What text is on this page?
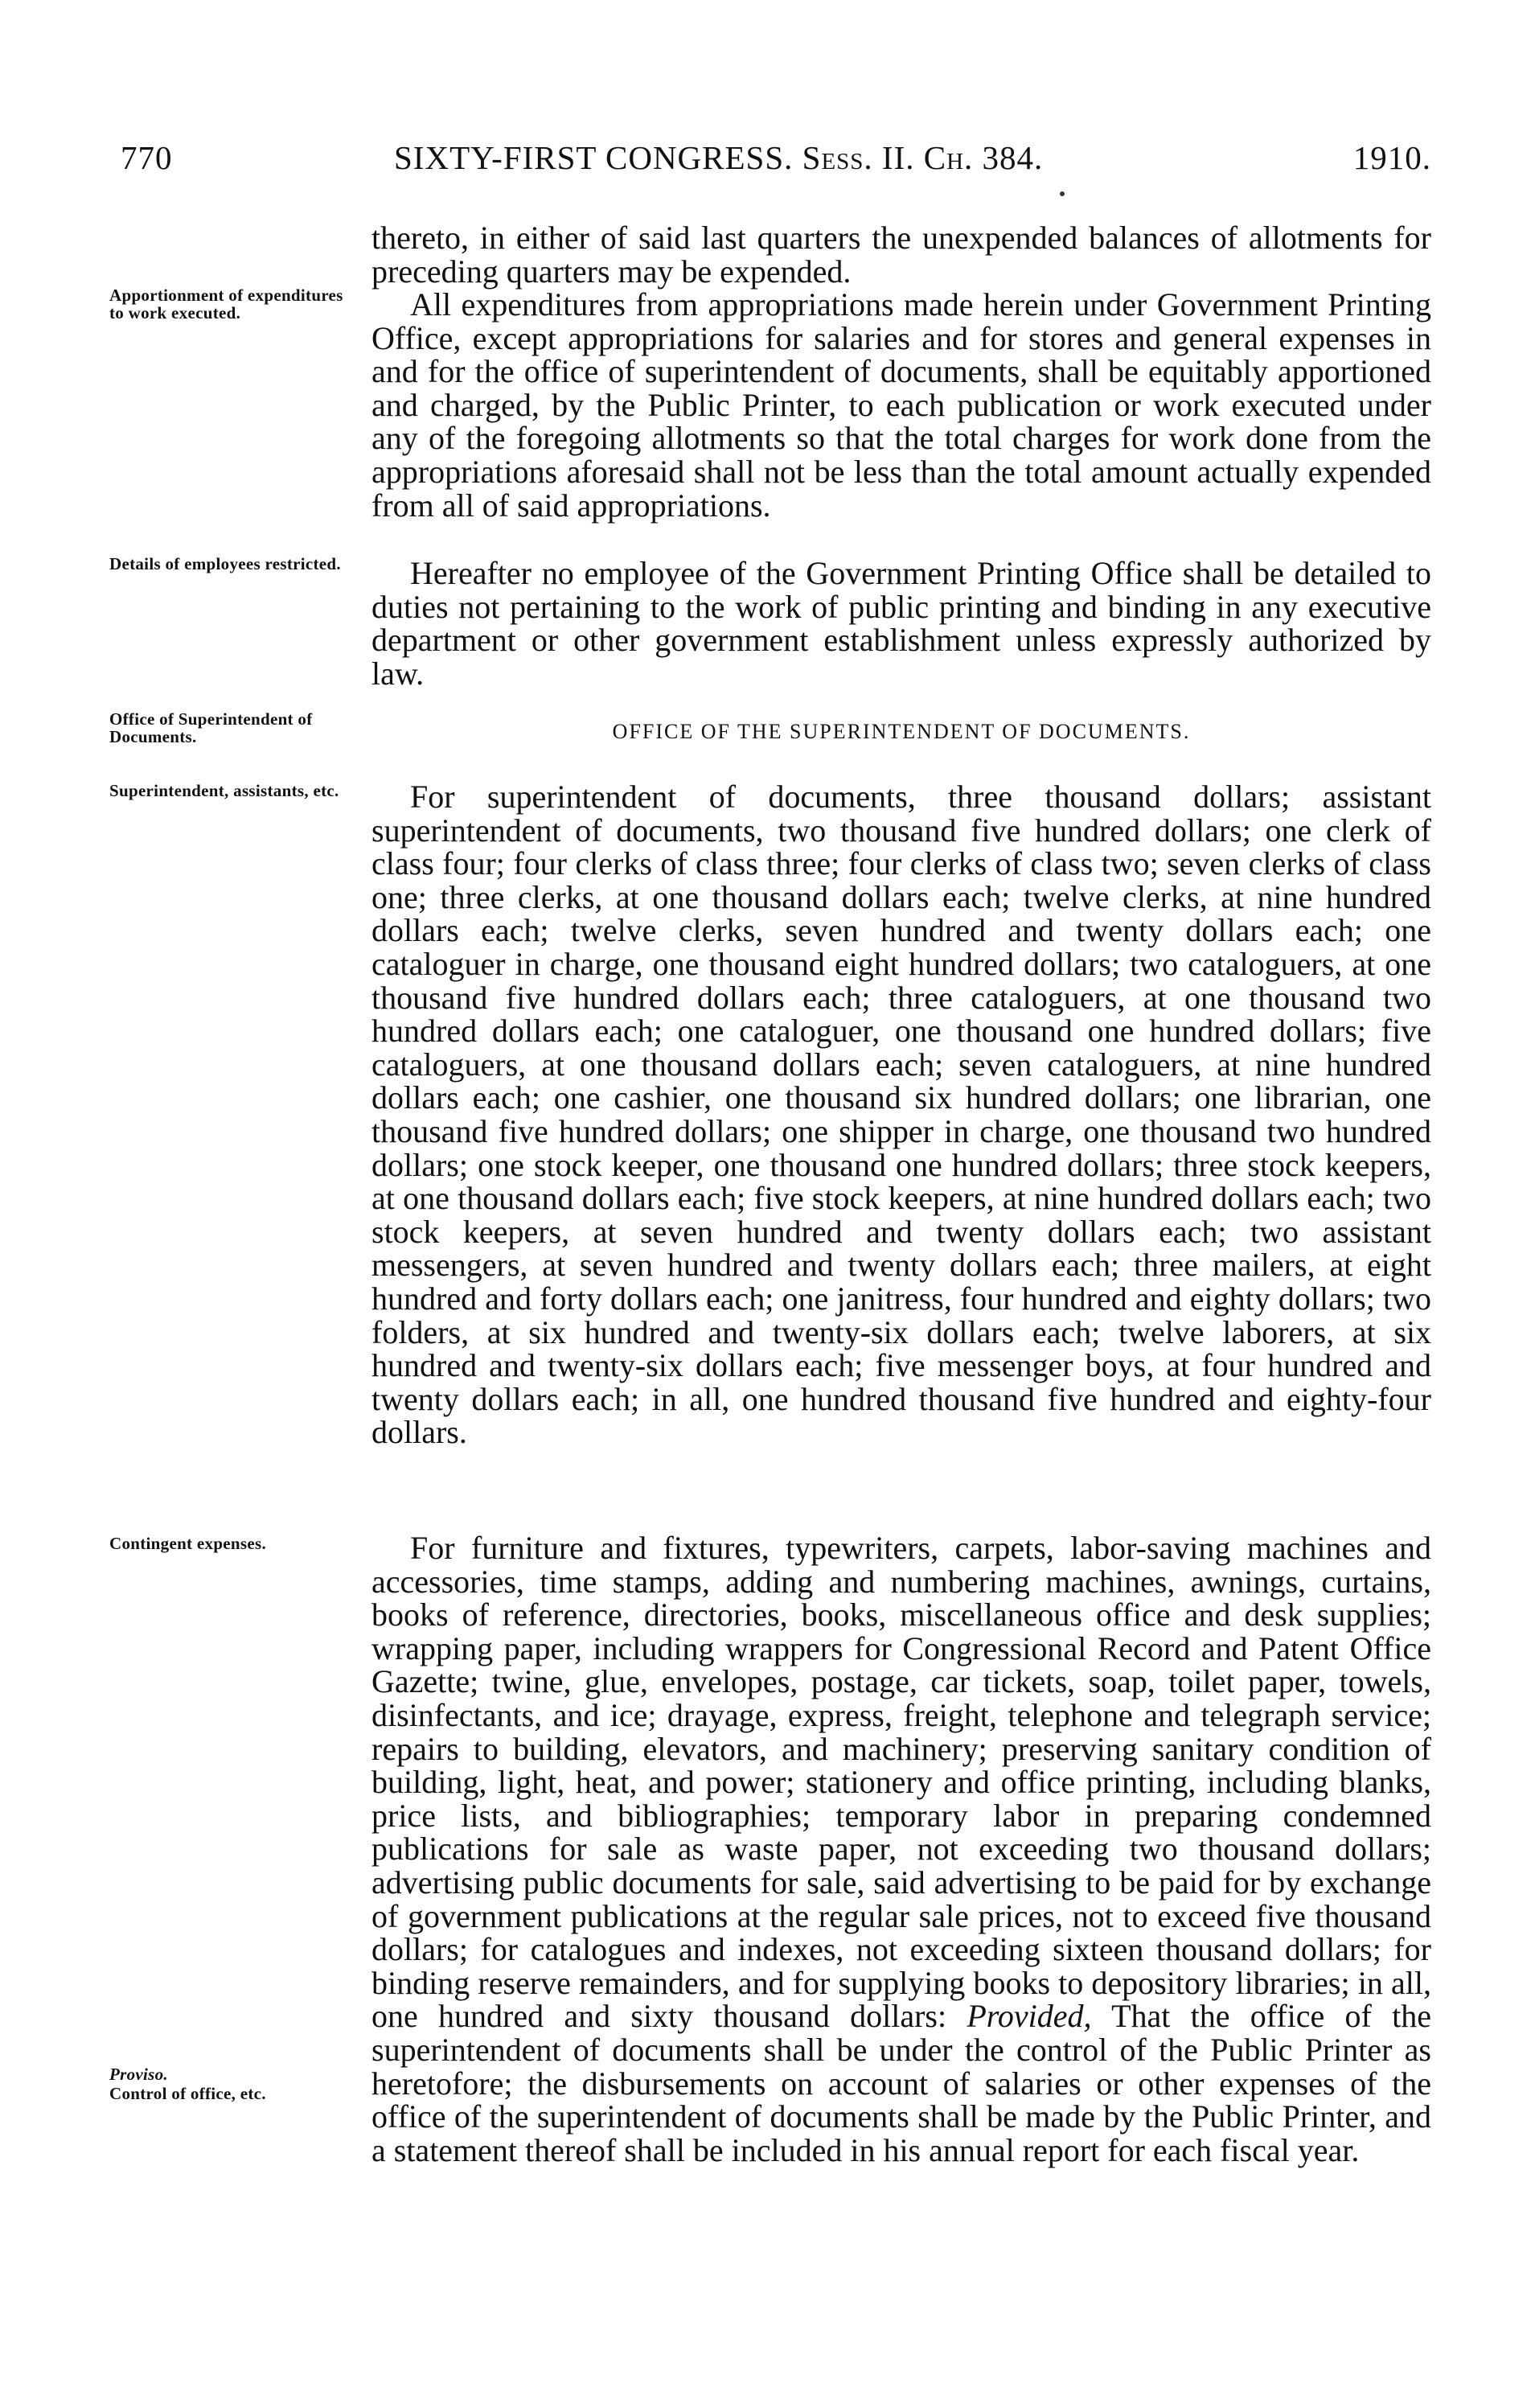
770	SIXTY-FIRST CONGRESS. Sess. II. Ch. 384.	1910.
Apportionment of expenditures to work executed.
Details of employees restricted.
Office of Superintendent of Documents.
Superintendent, assistants, etc.
Contingent expenses.
Proviso.
Control of office, etc.

thereto, in either of said last quarters the unexpended balances of allotments for preceding quarters may be expended.

All expenditures from appropriations made herein under Government Printing Office, except appropriations for salaries and for stores and general expenses in and for the office of superintendent of documents, shall be equitably apportioned and charged, by the Public Printer, to each publication or work executed under any of the foregoing allotments so that the total charges for work done from the appropriations aforesaid shall not be less than the total amount actually expended from all of said appropriations.

Hereafter no employee of the Government Printing Office shall be detailed to duties not pertaining to the work of public printing and binding in any executive department or other government establishment unless expressly authorized by law.

OFFICE OF THE SUPERINTENDENT OF DOCUMENTS.

For superintendent of documents, three thousand dollars; assistant superintendent of documents, two thousand five hundred dollars; one clerk of class four; four clerks of class three; four clerks of class two; seven clerks of class one; three clerks, at one thousand dollars each; twelve clerks, at nine hundred dollars each; twelve clerks, seven hundred and twenty dollars each; one cataloguer in charge, one thousand eight hundred dollars; two cataloguers, at one thousand five hundred dollars each; three cataloguers, at one thousand two hundred dollars each; one cataloguer, one thousand one hundred dollars; five cataloguers, at one thousand dollars each; seven cataloguers, at nine hundred dollars each; one cashier, one thousand six hundred dollars; one librarian, one thousand five hundred dollars; one shipper in charge, one thousand two hundred dollars; one stock keeper, one thousand one hundred dollars; three stock keepers, at one thousand dollars each; five stock keepers, at nine hundred dollars each; two stock keepers, at seven hundred and twenty dollars each; two assistant messengers, at seven hundred and twenty dollars each; three mailers, at eight hundred and forty dollars each; one janitress, four hundred and eighty dollars; two folders, at six hundred and twenty-six dollars each; twelve laborers, at six hundred and twenty-six dollars each; five messenger boys, at four hundred and twenty dollars each; in all, one hundred thousand five hundred and eighty-four dollars.

For furniture and fixtures, typewriters, carpets, labor-saving machines and accessories, time stamps, adding and numbering machines, awnings, curtains, books of reference, directories, books, miscellaneous office and desk supplies; wrapping paper, including wrappers for Congressional Record and Patent Office Gazette; twine, glue, envelopes, postage, car tickets, soap, toilet paper, towels, disinfectants, and ice; drayage, express, freight, telephone and telegraph service; repairs to building, elevators, and machinery; preserving sanitary condition of building, light, heat, and power; stationery and office printing, including blanks, price lists, and bibliographies; temporary labor in preparing condemned publications for sale as waste paper, not exceeding two thousand dollars; advertising public documents for sale, said advertising to be paid for by exchange of government publications at the regular sale prices, not to exceed five thousand dollars; for catalogues and indexes, not exceeding sixteen thousand dollars; for binding reserve remainders, and for supplying books to depository libraries; in all, one hundred and sixty thousand dollars: Provided, That the office of the superintendent of documents shall be under the control of the Public Printer as heretofore; the disbursements on account of salaries or other expenses of the office of the superintendent of documents shall be made by the Public Printer, and a statement thereof shall be included in his annual report for each fiscal year.
